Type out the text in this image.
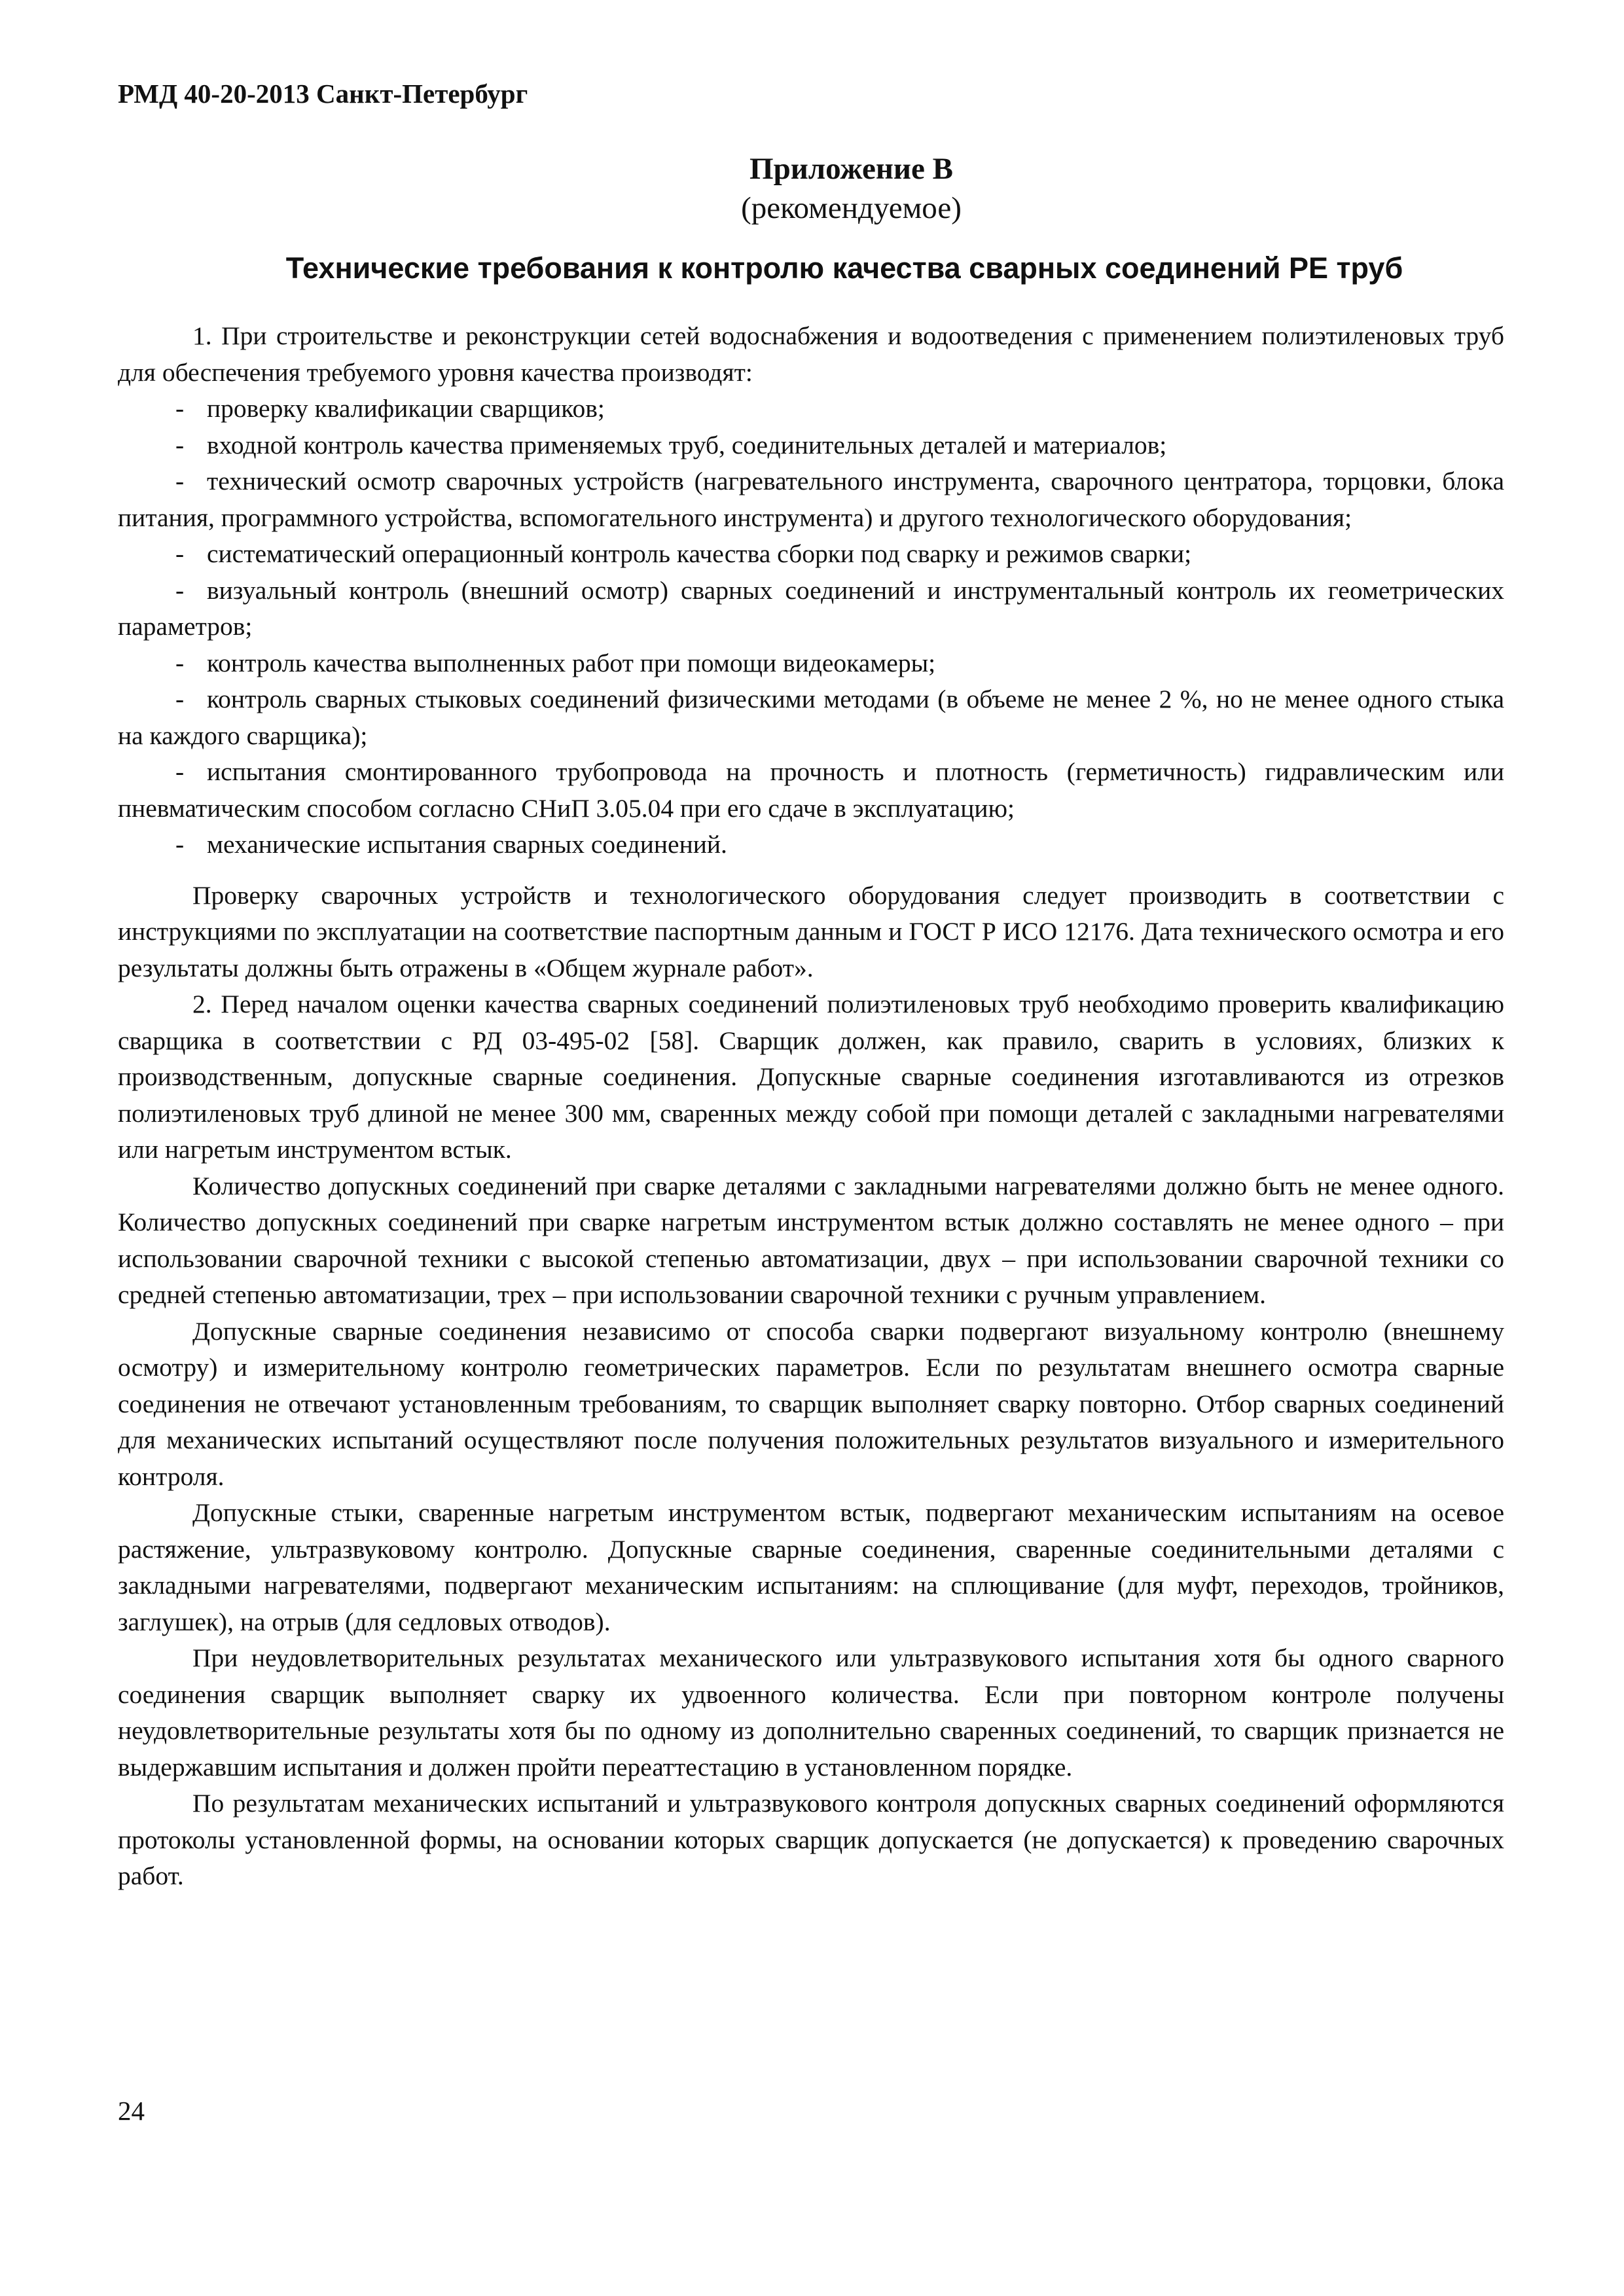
РМД 40-20-2013 Санкт-Петербург
Приложение В
(рекомендуемое)
Технические требования к контролю качества сварных соединений РЕ труб

1. При строительстве и реконструкции сетей водоснабжения и водоотведения с применением полиэтиленовых труб для обеспечения требуемого уровня качества производят:

- проверку квалификации сварщиков;

- входной контроль качества применяемых труб, соединительных деталей и материалов;

- технический осмотр сварочных устройств (нагревательного инструмента, сварочного центратора, торцовки, блока питания, программного устройства, вспомогательного инструмента) и другого технологического оборудования;

- систематический операционный контроль качества сборки под сварку и режимов сварки;

- визуальный контроль (внешний осмотр) сварных соединений и инструментальный контроль их геометрических параметров;

- контроль качества выполненных работ при помощи видеокамеры;

- контроль сварных стыковых соединений физическими методами (в объеме не менее 2 %, но не менее одного стыка на каждого сварщика);

- испытания смонтированного трубопровода на прочность и плотность (герметичность) гидравлическим или пневматическим способом согласно СНиП 3.05.04 при его сдаче в эксплуатацию;

- механические испытания сварных соединений.

Проверку сварочных устройств и технологического оборудования следует производить в соответствии с инструкциями по эксплуатации на соответствие паспортным данным и ГОСТ Р ИСО 12176. Дата технического осмотра и его результаты должны быть отражены в «Общем журнале работ».

2. Перед началом оценки качества сварных соединений полиэтиленовых труб необходимо проверить квалификацию сварщика в соответствии с РД 03-495-02 [58]. Сварщик должен, как правило, сварить в условиях, близких к производственным, допускные сварные соединения. Допускные сварные соединения изготавливаются из отрезков полиэтиленовых труб длиной не менее 300 мм, сваренных между собой при помощи деталей с закладными нагревателями или нагретым инструментом встык.

Количество допускных соединений при сварке деталями с закладными нагревателями должно быть не менее одного. Количество допускных соединений при сварке нагретым инструментом встык должно составлять не менее одного – при использовании сварочной техники с высокой степенью автоматизации, двух – при использовании сварочной техники со средней степенью автоматизации, трех – при использовании сварочной техники с ручным управлением.

Допускные сварные соединения независимо от способа сварки подвергают визуальному контролю (внешнему осмотру) и измерительному контролю геометрических параметров. Если по результатам внешнего осмотра сварные соединения не отвечают установленным требованиям, то сварщик выполняет сварку повторно. Отбор сварных соединений для механических испытаний осуществляют после получения положительных результатов визуального и измерительного контроля.

Допускные стыки, сваренные нагретым инструментом встык, подвергают механическим испытаниям на осевое растяжение, ультразвуковому контролю. Допускные сварные соединения, сваренные соединительными деталями с закладными нагревателями, подвергают механическим испытаниям: на сплющивание (для муфт, переходов, тройников, заглушек), на отрыв (для седловых отводов).

При неудовлетворительных результатах механического или ультразвукового испытания хотя бы одного сварного соединения сварщик выполняет сварку их удвоенного количества. Если при повторном контроле получены неудовлетворительные результаты хотя бы по одному из дополнительно сваренных соединений, то сварщик признается не выдержавшим испытания и должен пройти переаттестацию в установленном порядке.

По результатам механических испытаний и ультразвукового контроля допускных сварных соединений оформляются протоколы установленной формы, на основании которых сварщик допускается (не допускается) к проведению сварочных работ.

24
